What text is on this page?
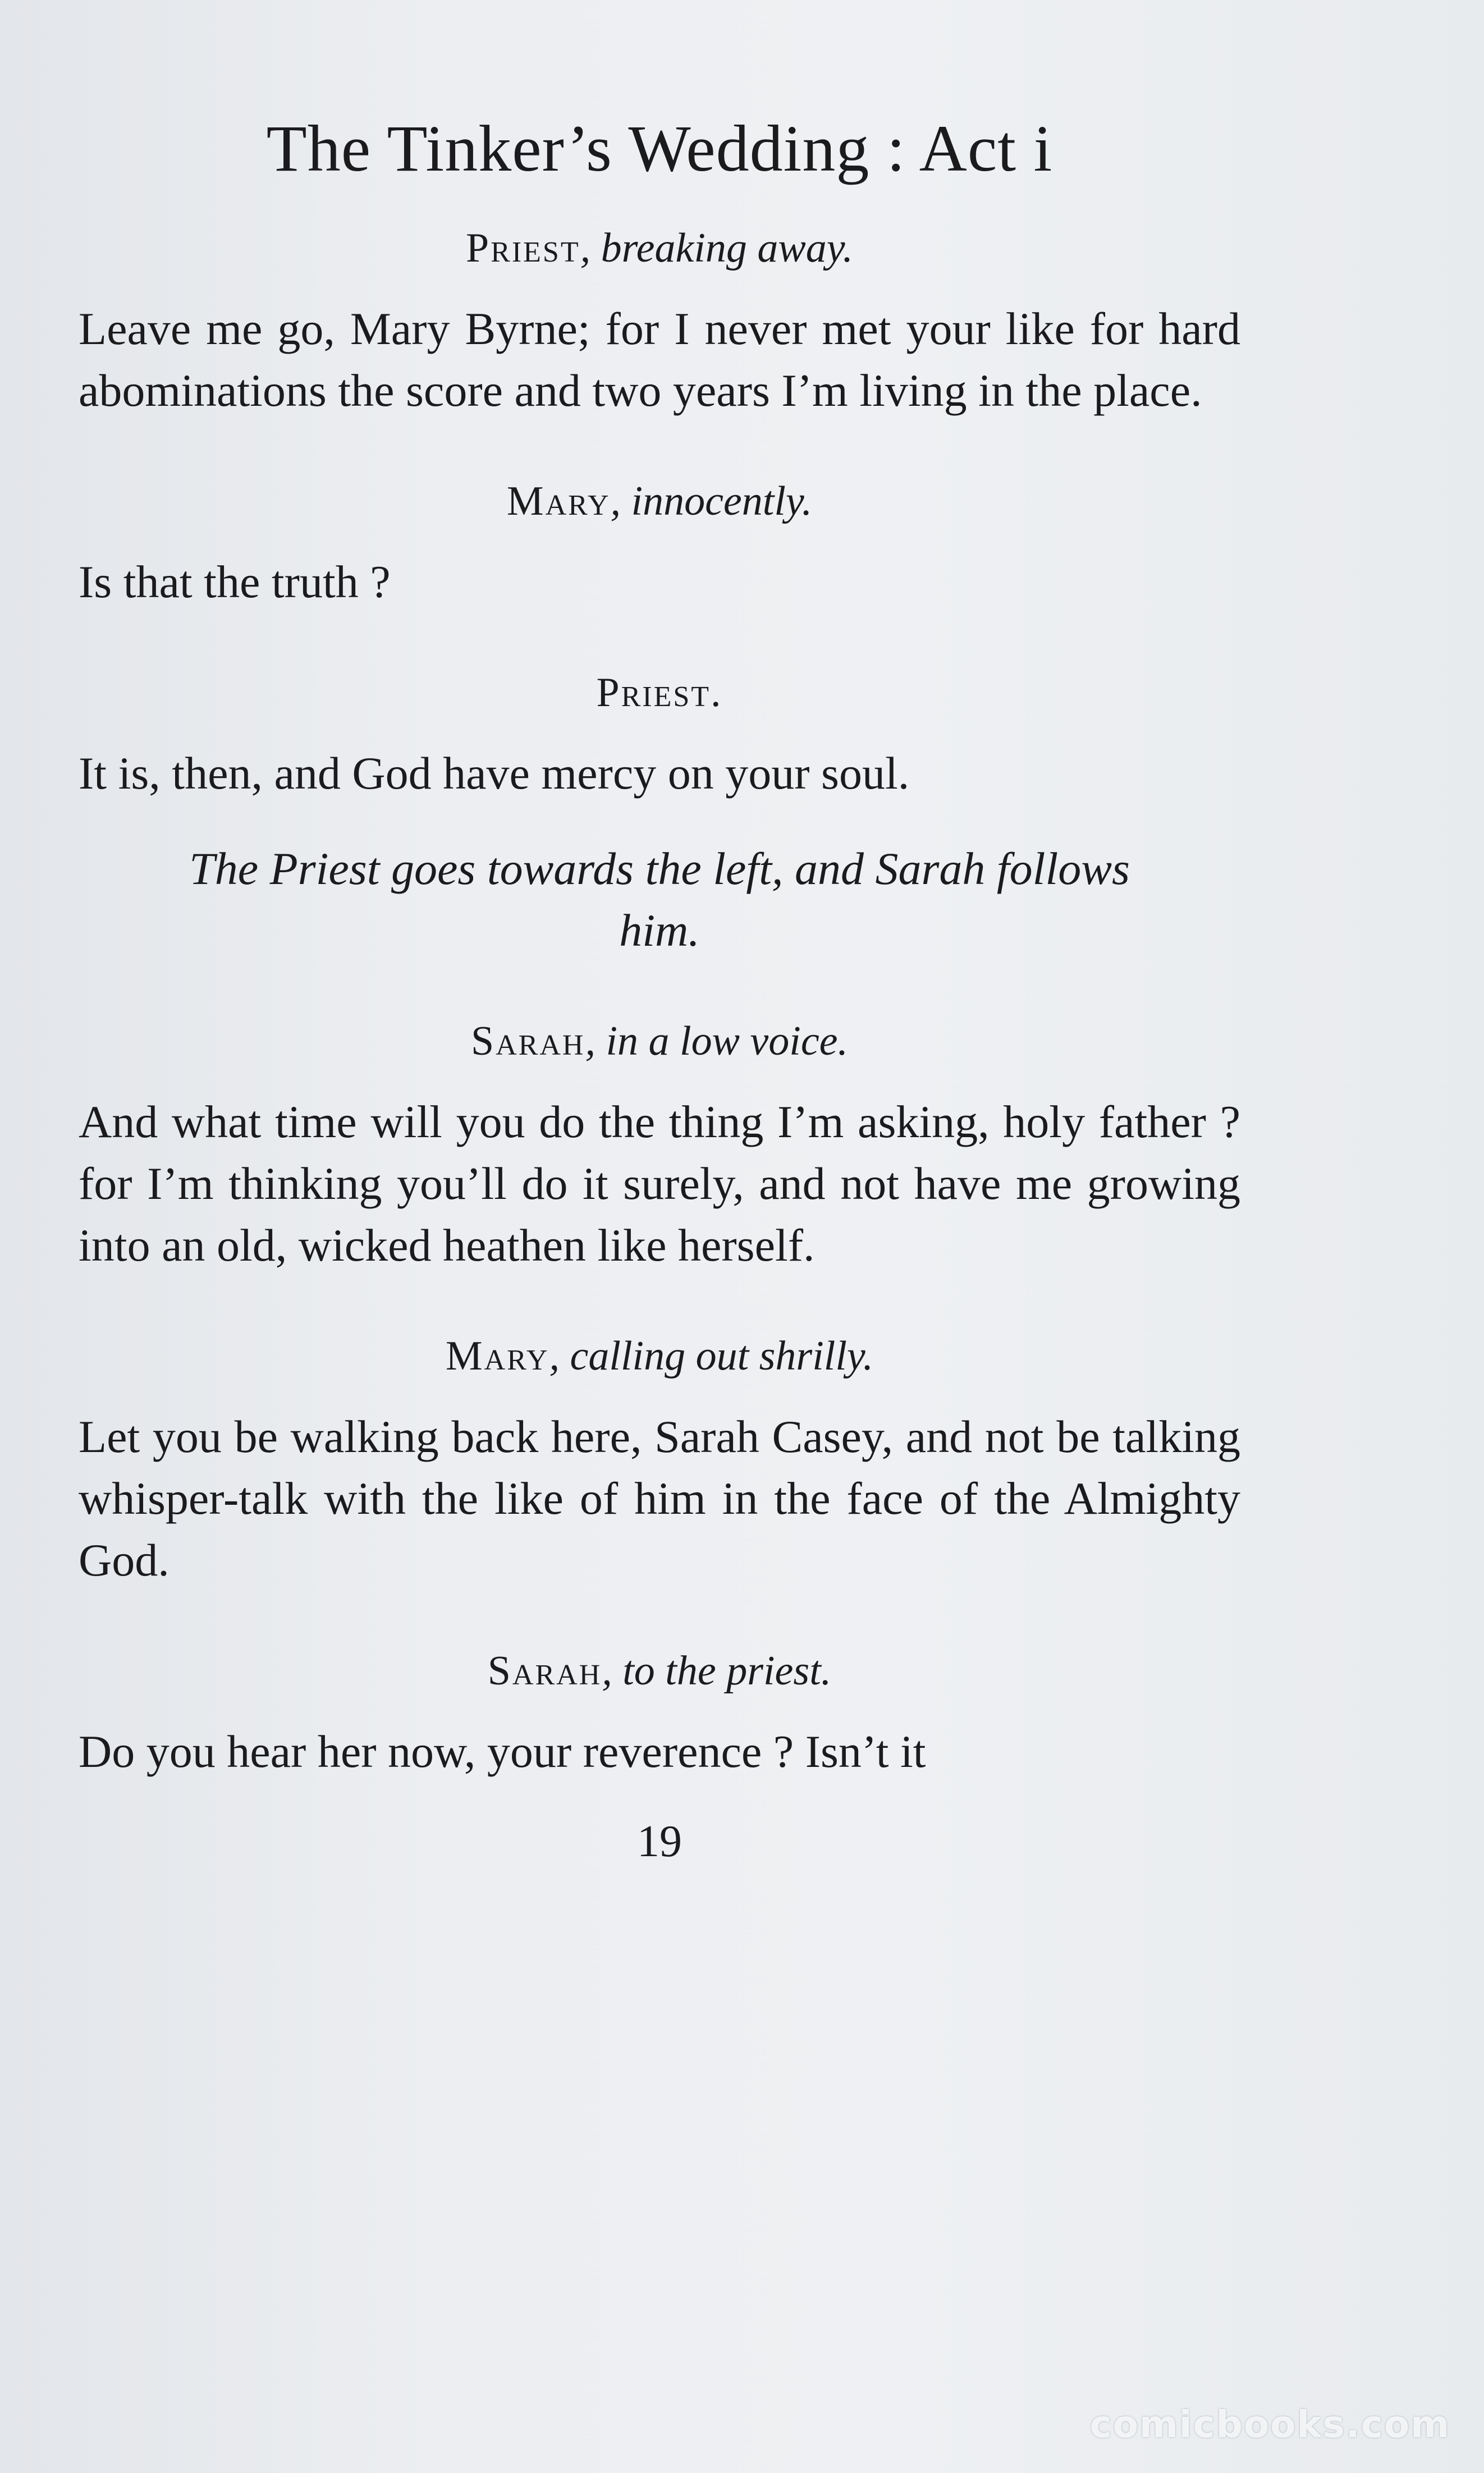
The Tinker’s Wedding : Act i
Priest, breaking away.
Leave me go, Mary Byrne; for I never met your like for hard abominations the score and two years I’m living in the place.
Mary, innocently.
Is that the truth ?
Priest.
It is, then, and God have mercy on your soul.
The Priest goes towards the left, and Sarah follows him.
Sarah, in a low voice.
And what time will you do the thing I’m asking, holy father ? for I’m thinking you’ll do it surely, and not have me growing into an old, wicked heathen like herself.
Mary, calling out shrilly.
Let you be walking back here, Sarah Casey, and not be talking whisper-talk with the like of him in the face of the Almighty God.
Sarah, to the priest.
Do you hear her now, your reverence ? Isn’t it
19
comicbooks.com
